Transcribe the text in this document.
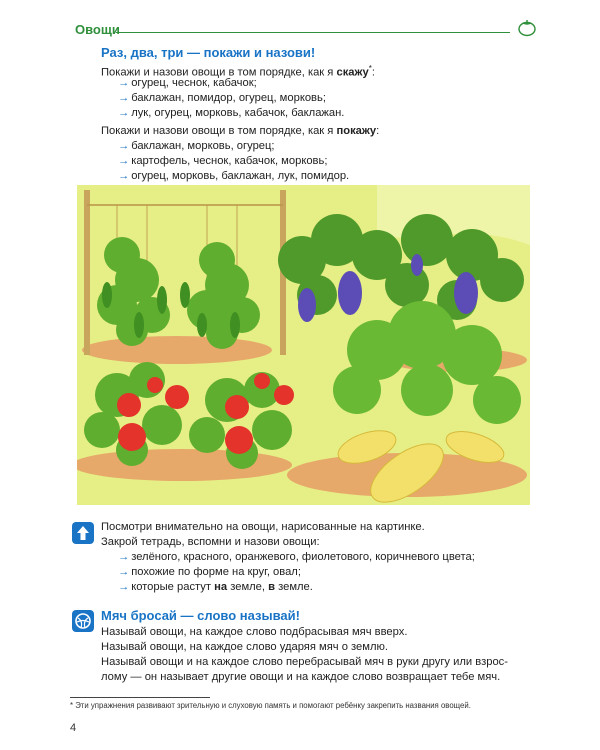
Овощи
Раз, два, три — покажи и назови!
Покажи и назови овощи в том порядке, как я скажу*:
→ огурец, чеснок, кабачок;
→ баклажан, помидор, огурец, морковь;
→ лук, огурец, морковь, кабачок, баклажан.
Покажи и назови овощи в том порядке, как я покажу:
→ баклажан, морковь, огурец;
→ картофель, чеснок, кабачок, морковь;
→ огурец, морковь, баклажан, лук, помидор.
Посмотри внимательно на овощи, нарисованные на картинке.
Закрой тетрадь, вспомни и назови овощи:
→ зелёного, красного, оранжевого, фиолетового, коричневого цвета;
→ похожие по форме на круг, овал;
→ которые растут на земле, в земле.
Мяч бросай — слово называй!
Называй овощи, на каждое слово подбрасывая мяч вверх.
Называй овощи, на каждое слово ударяя мяч о землю.
Называй овощи и на каждое слово перебрасывай мяч в руки другу или взрос-
лому — он называет другие овощи и на каждое слово возвращает тебе мяч.
* Эти упражнения развивают зрительную и слуховую память и помогают ребёнку закрепить названия овощей.
4
